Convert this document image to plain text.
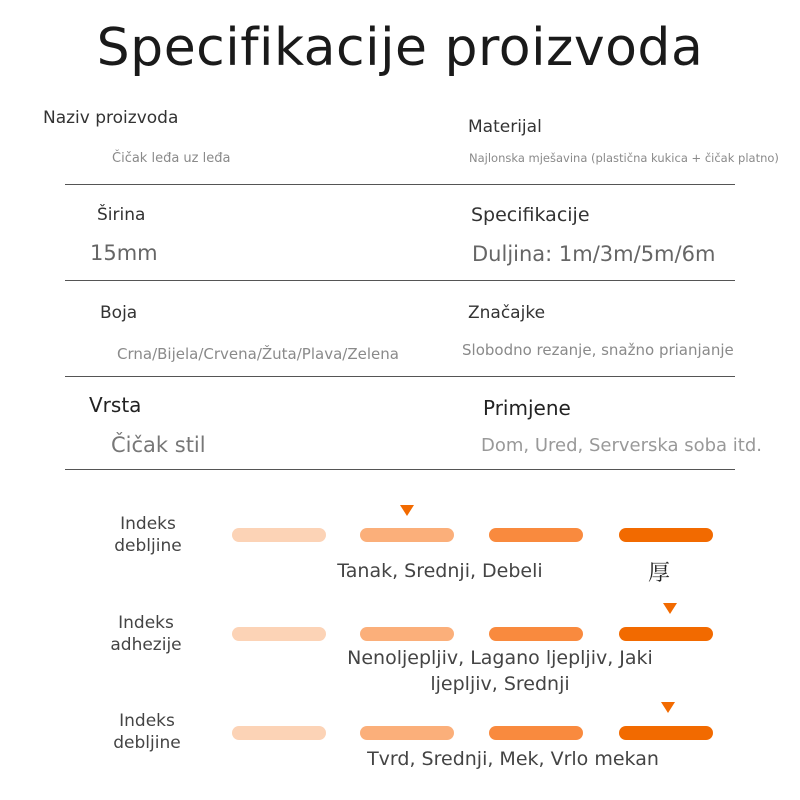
Specifikacije proizvoda
Naziv proizvoda
Čičak leđa uz leđa
Materijal
Najlonska mješavina (plastična kukica + čičak platno)
Širina
15mm
Specifikacije
Duljina: 1m/3m/5m/6m
Boja
Crna/Bijela/Crvena/Žuta/Plava/Zelena
Značajke
Slobodno rezanje, snažno prianjanje
Vrsta
Čičak stil
Primjene
Dom, Ured, Serverska soba itd.
Indeks
debljine
Tanak, Srednji, Debeli	厚
Indeks
adhezije
Nenoljepljiv, Lagano ljepljiv, Jaki ljepljiv, Srednji
Indeks
debljine
Tvrd, Srednji, Mek, Vrlo mekan
